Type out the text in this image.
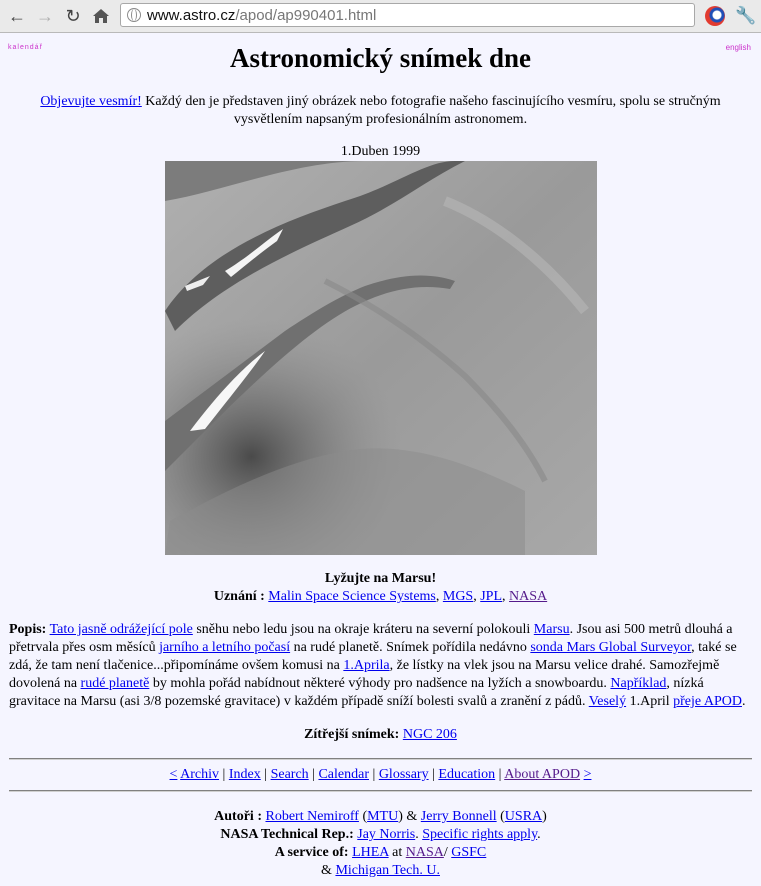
← → ↻	www.astro.cz /apod/ap990401.html	🔧
kalendář	english
Astronomický snímek dne
Objevujte vesmír! Každý den je představen jiný obrázek nebo fotografie našeho fascinujícího vesmíru, spolu se stručným vysvětlením napsaným profesionálním astronomem.
1.Duben 1999
Lyžujte na Marsu!
Uznání : Malin Space Science Systems, MGS, JPL, NASA
Popis: Tato jasně odrážející pole sněhu nebo ledu jsou na okraje kráteru na severní polokouli Marsu. Jsou asi 500 metrů dlouhá a přetrvala přes osm měsíců jarního a letního počasí na rudé planetě. Snímek pořídila nedávno sonda Mars Global Surveyor, také se zdá, že tam není tlačenice...připomínáme ovšem komusi na 1.Aprila, že lístky na vlek jsou na Marsu velice drahé. Samozřejmě dovolená na rudé planetě by mohla pořád nabídnout některé výhody pro nadšence na lyžích a snowboardu. Například, nízká gravitace na Marsu (asi 3/8 pozemské gravitace) v každém případě sníží bolesti svalů a zranění z pádů. Veselý 1.April přeje APOD.
Zítřejší snímek: NGC 206
< Archiv | Index | Search | Calendar | Glossary | Education | About APOD >
Autoři : Robert Nemiroff (MTU) & Jerry Bonnell (USRA)
NASA Technical Rep.: Jay Norris. Specific rights apply.
A service of: LHEA at NASA/ GSFC
& Michigan Tech. U.
